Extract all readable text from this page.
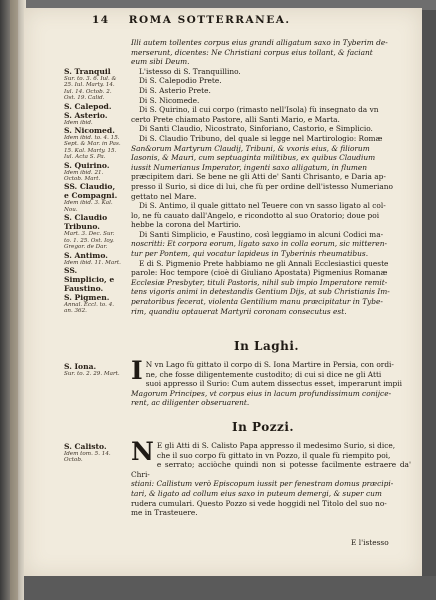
14 ROMA SOTTERRANEA.
S. Tranquil
Sur. to. 3. 6. Iul. & 25. Iul. Marty. 14. Iul. 14. Octob. 2. Ost. 19. Calid.
S. Calepod.
S. Asterio.
Idem ibid.
S. Nicomed.
Idem ibid. to. 4. 15. Sept. & Mar. in Pas. 15. Kal. Marty. 15. Iul. Acta S. Pa.
S. Quirino.
Idem ibid. 21. Octob. Mart.
SS. Claudio, e Compagni.
Idem ibid. 3. Kal. Nou.
S. Claudio Tribuno.
Mart. 3. Dec. Sur. to. 1. 25. Ost. Ioy. Gregor. de Dar.
S. Antimo.
Idem ibid. 11. Mart.
SS. Simplicio, e Faustino.
S. Pigmen.
Annal. Eccl. to. 4. an. 362.
S. Iona.
Sur. to. 2. 29. Mart.
S. Calisto.
Idem tom. 5. 14. Octob.

Illi autem tollentes corpus eius grandi alligatum saxo in Tyberim de-

merserunt, dicentes: Ne Christiani corpus eius tollant, & faciant

eum sibi Deum.

L'istesso di S. Tranquillino.

Di S. Calepodio Prete.

Di S. Asterio Prete.

Di S. Nicomede.

Di S. Quirino, il cui corpo (rimasto nell'Isola) fù insegnato da vn

certo Prete chiamato Pastore, alli Santi Mario, e Marta.

Di Santi Claudio, Nicostrato, Sinforiano, Castorio, e Simplicio.

Di S. Claudio Tribuno, del quale si legge nel Martirologio: Romæ

San&orum Martyrum Claudij, Tribuni, & vxoris eius, & filiorum

Iasonis, & Mauri, cum septuaginta militibus, ex quibus Claudium

iussit Numerianus Imperator, ingenti saxo alligatum, in flumen

præcipitem dari. Se bene ne gli Atti de' Santi Chrisanto, e Daria ap-

presso il Surio, si dice di lui, che fù per ordine dell'istesso Numeriano

gettato nel Mare.

Di S. Antimo, il quale gittato nel Teuere con vn sasso ligato al col-

lo, ne fù cauato dall'Angelo, e ricondotto al suo Oratorio; doue poi

hebbe la corona del Martirio.

Di Santi Simplicio, e Faustino, così leggiamo in alcuni Codici ma-

noscritti: Et corpora eorum, ligato saxo in colla eorum, sic mitteren-

tur per Pontem, qui vocatur lapideus in Tyberinis rheumatibus.

E di S. Pigmenio Prete habbiamo ne gli Annali Ecclesiastici queste

parole: Hoc tempore (cioè di Giuliano Apostata) Pigmenius Romanæ

Ecclesiæ Presbyter, tituli Pastoris, nihil sub impio Imperatore remit-

tens vigoris animi in detestandis Gentium Dijs, at sub Christianis Im-

peratoribus fecerat, violenta Gentilium manu præcipitatur in Tybe-

rim, quandiu optauerat Martyrii coronam consecutus est.

In Laghi.
I N vn Lago fù gittato il corpo di S. Iona Martire in Persia, con ordi-

ne, che fosse diligentemente custodito; di cui si dice ne gli Atti

suoi appresso il Surio: Cum autem dissectus esset, imperarunt impii

Magorum Principes, vt corpus eius in lacum profundissimum conijce-

rent, ac diligenter obseruarent.

In Pozzi.
N E gli Atti di S. Calisto Papa appresso il medesimo Surio, si dice,

che il suo corpo fù gittato in vn Pozzo, il quale fù riempito poi,

e serrato; acciòche quindi non si potesse facilmente estraere da' Chri-

stiani: Callistum verò Episcopum iussit per fenestram domus præcipi-

tari, & ligato ad collum eius saxo in puteum demergi, & super cum

rudera cumulari. Questo Pozzo si vede hoggidi nel Titolo del suo no-

me in Trasteuere.

E l'istesso
